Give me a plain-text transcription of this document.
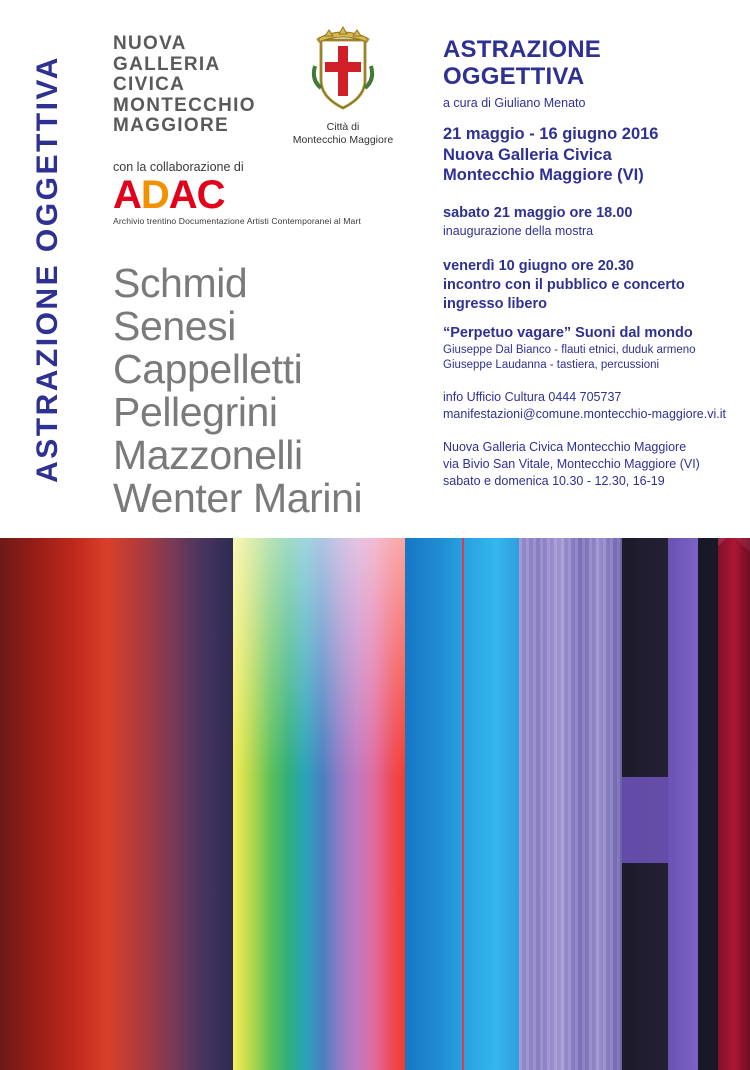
ASTRAZIONE OGGETTIVA
NUOVA
GALLERIA
CIVICA
MONTECCHIO
MAGGIORE
con la collaborazione di
ADAC
Archivio trentino Documentazione Artisti Contemporanei al Mart
Città di
Montecchio Maggiore
Schmid
Senesi
Cappelletti
Pellegrini
Mazzonelli
Wenter Marini
ASTRAZIONE
OGGETTIVA
a cura di Giuliano Menato
21 maggio - 16 giugno 2016
Nuova Galleria Civica
Montecchio Maggiore (VI)
sabato 21 maggio ore 18.00
inaugurazione della mostra
venerdì 10 giugno ore 20.30
incontro con il pubblico e concerto
ingresso libero
“Perpetuo vagare” Suoni dal mondo
Giuseppe Dal Bianco - flauti etnici, duduk armeno
Giuseppe Laudanna - tastiera, percussioni
info Ufficio Cultura 0444 705737
manifestazioni@comune.montecchio-maggiore.vi.it
Nuova Galleria Civica Montecchio Maggiore
via Bivio San Vitale, Montecchio Maggiore (VI)
sabato e domenica 10.30 - 12.30, 16-19
